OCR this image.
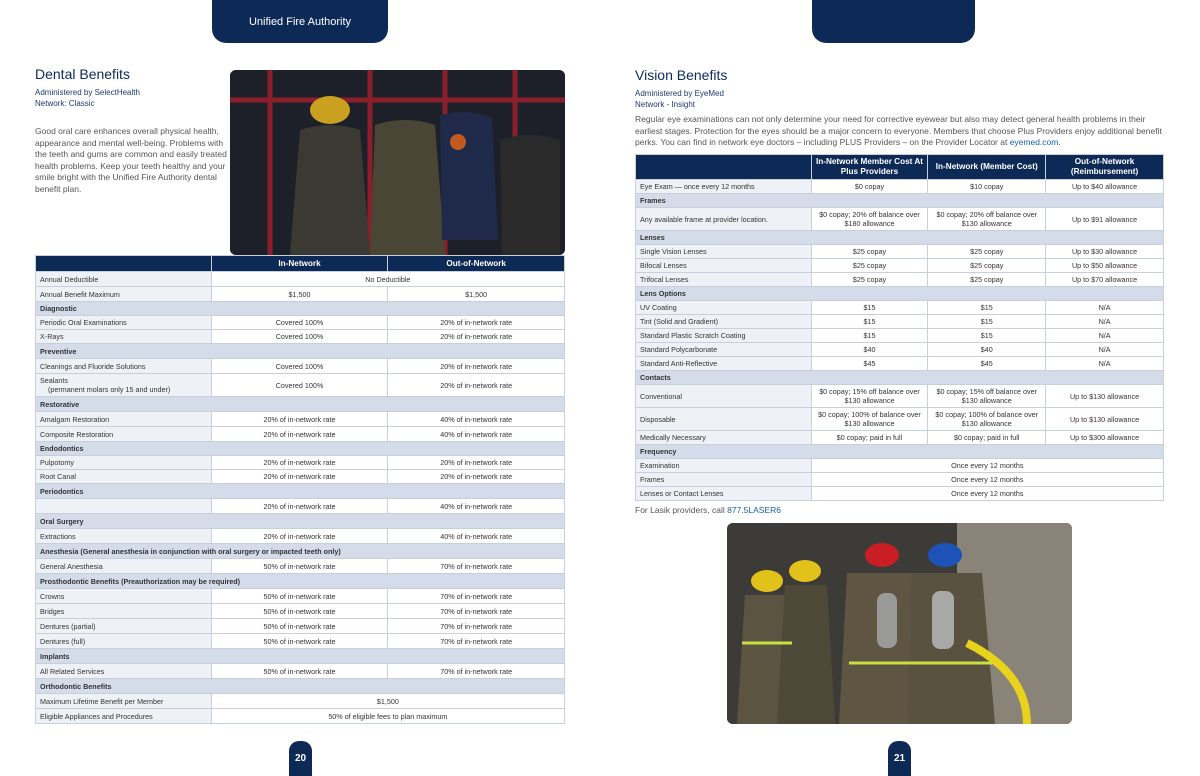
Unified Fire Authority
Dental Benefits
Administered by SelectHealth
Network: Classic

Good oral care enhances overall physical health, appearance and mental well-being. Problems with the teeth and gums are common and easily treated health problems. Keep your teeth healthy and your smile bright with the Unified Fire Authority dental benefit plan.

	In-Network	Out-of-Network
Annual Deductible	No Deductible	
Annual Benefit Maximum	$1,500	$1,500
Diagnostic		
Periodic Oral Examinations	Covered 100%	20% of in-network rate
X-Rays	Covered 100%	20% of in-network rate
Preventive		
Cleanings and Fluoride Solutions	Covered 100%	20% of in-network rate

Sealants
(permanent molars only 15 and under)	Covered 100%	20% of in-network rate
Restorative		
Amalgam Restoration	20% of in-network rate	40% of in-network rate
Composite Restoration	20% of in-network rate	40% of in-network rate
Endodontics		
Pulpotomy	20% of in-network rate	20% of in-network rate
Root Canal	20% of in-network rate	20% of in-network rate
Periodontics		
	20% of in-network rate	40% of in-network rate
Oral Surgery		
Extractions	20% of in-network rate	40% of in-network rate
Anesthesia (General anesthesia in conjunction with oral surgery or impacted teeth only)		
General Anesthesia	50% of in-network rate	70% of in-network rate
Prosthodontic Benefits (Preauthorization may be required)		
Crowns	50% of in-network rate	70% of in-network rate
Bridges	50% of in-network rate	70% of in-network rate
Dentures (partial)	50% of in-network rate	70% of in-network rate
Dentures (full)	50% of in-network rate	70% of in-network rate
Implants		
All Related Services	50% of in-network rate	70% of in-network rate
Orthodontic Benefits		
Maximum Lifetime Benefit per Member	$1,500	
Eligible Appliances and Procedures	50% of eligible fees to plan maximum	
20
Vision Benefits
Administered by EyeMed
Network - Insight

Regular eye examinations can not only determine your need for corrective eyewear but also may detect general health problems in their earliest stages. Protection for the eyes should be a major concern to everyone. Members that choose Plus Providers enjoy additional benefit perks. You can find in network eye doctors – including PLUS Providers – on the Provider Locator at eyemed.com.

	In-Network Member Cost At Plus Providers	In-Network (Member Cost)	Out-of-Network (Reimbursement)
Eye Exam — once every 12 months	$0 copay	$10 copay	Up to $40 allowance
Frames			
Any available frame at provider location.	$0 copay; 20% off balance over $180 allowance	$0 copay; 20% off balance over $130 allowance	Up to $91 allowance
Lenses			
Single Vision Lenses	$25 copay	$25 copay	Up to $30 allowance
Bifocal Lenses	$25 copay	$25 copay	Up to $50 allowance
Trifocal Lenses	$25 copay	$25 copay	Up to $70 allowance
Lens Options			
UV Coating	$15	$15	N/A
Tint (Solid and Gradient)	$15	$15	N/A
Standard Plastic Scratch Coating	$15	$15	N/A
Standard Polycarbonate	$40	$40	N/A
Standard Anti-Reflective	$45	$45	N/A
Contacts			
Conventional	$0 copay; 15% off balance over $130 allowance	$0 copay; 15% off balance over $130 allowance	Up to $130 allowance
Disposable	$0 copay; 100% of balance over $130 allowance	$0 copay; 100% of balance over $130 allowance	Up to $130 allowance
Medically Necessary	$0 copay; paid in full	$0 copay; paid in full	Up to $300 allowance
Frequency			
Examination	Once every 12 months		
Frames	Once every 12 months		
Lenses or Contact Lenses	Once every 12 months		
For Lasik providers, call 877.5LASER6
21
